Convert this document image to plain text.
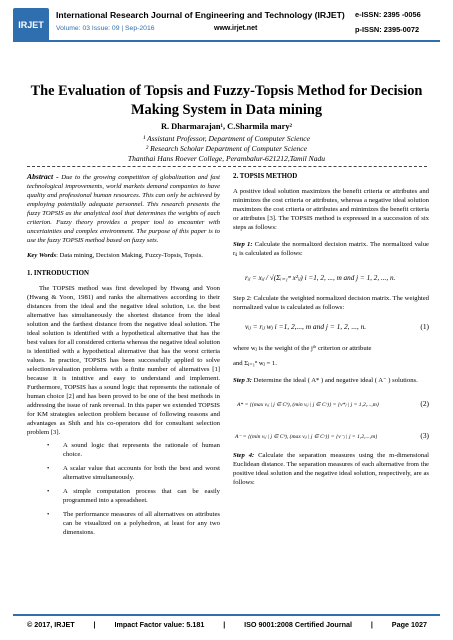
IRJET
International Research Journal of Engineering and Technology (IRJET) e-ISSN: 2395 -0056
Volume: 03 Issue: 09 | Sep-2016	www.irjet.net	p-ISSN: 2395-0072
The Evaluation of Topsis and Fuzzy-Topsis Method for Decision Making System in Data mining
R. Dharmarajan¹, C.Sharmila mary²
¹ Assistant Professor, Department of Computer Science
² Research Scholar Department of Computer Science
Thanthai Hans Roever College, Perambalur-621212,Tamil Nadu

Abstract - Due to the growing competition of globalization and fast technological improvements, world markets demand companies to have quality and professional human resources. This can only be achieved by employing potentially adequate personnel. This research presents the fuzzy TOPSIS as the analytical tool that determines the weights of each criterion. Fuzzy theory provides a proper tool to encounter with uncertainties and complex environment. The purpose of this paper is to use the fuzzy TOPSIS method based on fuzzy sets.

Key Words: Data mining, Decision Making, Fuzzy-Topsis, Topsis.

1. INTRODUCTION

The TOPSIS method was first developed by Hwang and Yoon (Hwang & Yoon, 1981) and ranks the alternatives according to their distances from the ideal and the negative ideal solution, i.e. the best alternative has simultaneously the shortest distance from the ideal solution and the farthest distance from the negative ideal solution. The ideal solution is identified with a hypothetical alternative that has the best values for all considered criteria whereas the negative ideal solution is identified with a hypothetical alternative that has the worst criteria values. In practice, TOPSIS has been successfully applied to solve selection/evaluation problems with a finite number of alternatives [1] because it is intuitive and easy to understand and implement. Furthermore, TOPSIS has a sound logic that represents the rationale of human choice [2] and has been proved to be one of the best methods in addressing the issue of rank reversal. In this paper we extended TOPSIS for KM strategies selection problem because of following reasons and advantages as Shih and his co-operators did for consultant selection problem [3].

• A sound logic that represents the rationale of human choice.
• A scalar value that accounts for both the best and worst alternative simultaneously.
• A simple computation process that can be easily programmed into a spreadsheet.
• The performance measures of all alternatives on attributes can be visualized on a polyhedron, at least for any two dimensions.
2. TOPSIS METHOD

A positive ideal solution maximizes the benefit criteria or attributes and minimizes the cost criteria or attributes, whereas a negative ideal solution maximizes the cost criteria or attributes and minimizes the benefit criteria or attributes [3]. The TOPSIS method is expressed in a succession of six steps as follows:

Step 1: Calculate the normalized decision matrix. The normalized value rᵢⱼ is calculated as follows:

rᵢⱼ = xᵢⱼ / √(Σᵢ₌₁ᵐ x²ᵢⱼ) i =1, 2, ..., m and j = 1, 2, ..., n.

Step 2: Calculate the weighted normalized decision matrix. The weighted normalized value is calculated as follows:

vᵢⱼ = rᵢⱼ wⱼ i =1, 2,..., m and j = 1, 2, ..., n.	(1)

where wⱼ is the weight of the jᵗʰ criterion or attribute

and Σⱼ₌₁ⁿ wⱼ = 1.

Step 3: Determine the ideal ( A* ) and negative ideal ( A⁻ ) solutions.

A* = {(max vᵢⱼ | j ∈ Cᵇ), (min vᵢⱼ | j ∈ Cᶜ)} = {v*ⱼ | j = 1,2,...,m}	(2)
A⁻ = {(min vᵢⱼ | j ∈ Cᵇ), (max vᵢⱼ | j ∈ Cᶜ)} = {v⁻ⱼ | j = 1,2,...,m}	(3)

Step 4: Calculate the separation measures using the m-dimensional Euclidean distance. The separation measures of each alternative from the positive ideal solution and the negative ideal solution, respectively, are as follows:

© 2017, IRJET	|	Impact Factor value: 5.181	|	ISO 9001:2008 Certified Journal	|	Page 1027
